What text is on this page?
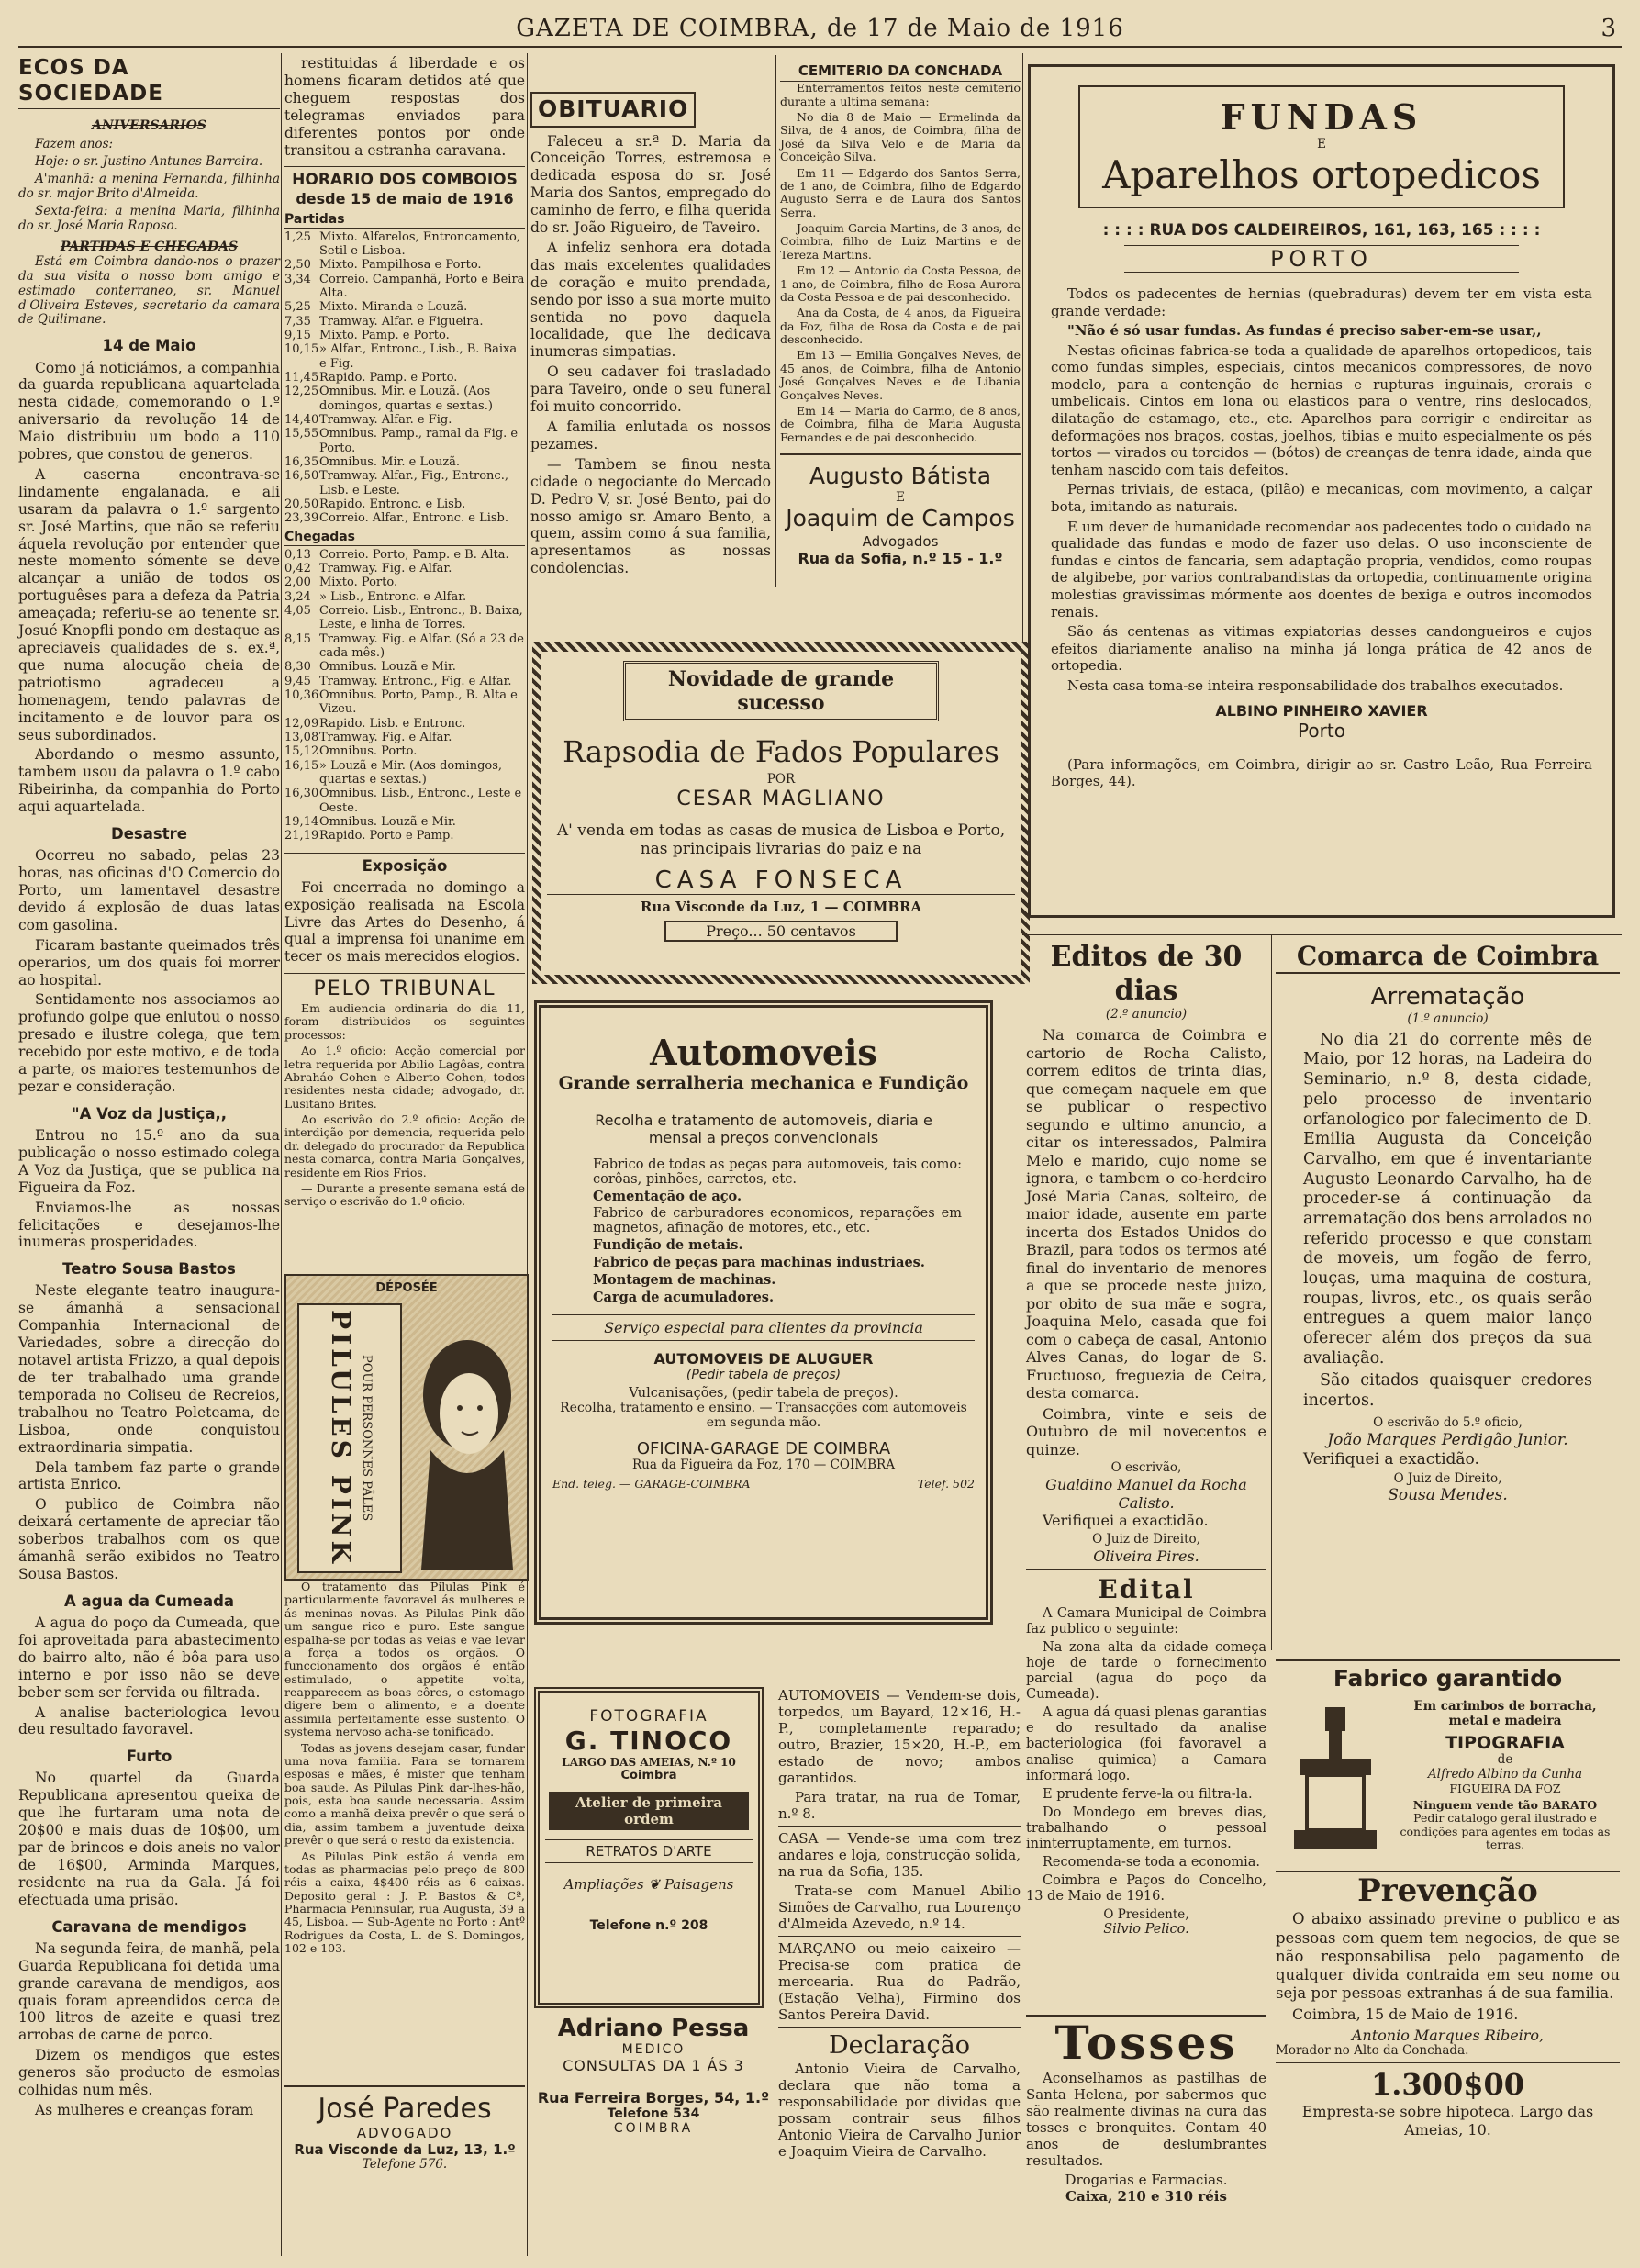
GAZETA DE COIMBRA, de 17 de Maio de 1916	3
ECOS DA SOCIEDADE
ANIVERSARIOS

Fazem anos:

Hoje: o sr. Justino Antunes Barreira.

A'manhã: a menina Fernanda, filhinha do sr. major Brito d'Almeida.

Sexta-feira: a menina Maria, filhinha do sr. José Maria Raposo.

PARTIDAS E CHEGADAS

Está em Coimbra dando-nos o prazer da sua visita o nosso bom amigo e estimado conterraneo, sr. Manuel d'Oliveira Esteves, secretario da camara de Quilimane.

14 de Maio

Como já noticiámos, a companhia da guarda republicana aquartelada nesta cidade, comemorando o 1.º aniversario da revolução 14 de Maio distribuiu um bodo a 110 pobres, que constou de generos.

A caserna encontrava-se lindamente engalanada, e ali usaram da palavra o 1.º sargento sr. José Martins, que não se referiu áquela revolução por entender que neste momento sómente se deve alcançar a união de todos os portuguêses para a defeza da Patria ameaçada; referiu-se ao tenente sr. Josué Knopfli pondo em destaque as apreciaveis qualidades de s. ex.ª, que numa alocução cheia de patriotismo agradeceu a homenagem, tendo palavras de incitamento e de louvor para os seus subordinados.

Abordando o mesmo assunto, tambem usou da palavra o 1.º cabo Ribeirinha, da companhia do Porto aqui aquartelada.

Desastre

Ocorreu no sabado, pelas 23 horas, nas oficinas d'O Comercio do Porto, um lamentavel desastre devido á explosão de duas latas com gasolina.

Ficaram bastante queimados três operarios, um dos quais foi morrer ao hospital.

Sentidamente nos associamos ao profundo golpe que enlutou o nosso presado e ilustre colega, que tem recebido por este motivo, e de toda a parte, os maiores testemunhos de pezar e consideração.

"A Voz da Justiça,,

Entrou no 15.º ano da sua publicação o nosso estimado colega A Voz da Justiça, que se publica na Figueira da Foz.

Enviamos-lhe as nossas felicitações e desejamos-lhe inumeras prosperidades.

Teatro Sousa Bastos

Neste elegante teatro inaugura-se ámanhã a sensacional Companhia Internacional de Variedades, sobre a direcção do notavel artista Frizzo, a qual depois de ter trabalhado uma grande temporada no Coliseu de Recreios, trabalhou no Teatro Poleteama, de Lisboa, onde conquistou extraordinaria simpatia.

Dela tambem faz parte o grande artista Enrico.

O publico de Coimbra não deixará certamente de apreciar tão soberbos trabalhos com os que ámanhã serão exibidos no Teatro Sousa Bastos.

A agua da Cumeada

A agua do poço da Cumeada, que foi aproveitada para abastecimento do bairro alto, não é bôa para uso interno e por isso não se deve beber sem ser fervida ou filtrada.

A analise bacteriologica levou deu resultado favoravel.

Furto

No quartel da Guarda Republicana apresentou queixa de que lhe furtaram uma nota de 20$00 e mais duas de 10$00, um par de brincos e dois aneis no valor de 16$00, Arminda Marques, residente na rua da Gala. Já foi efectuada uma prisão.

Caravana de mendigos

Na segunda feira, de manhã, pela Guarda Republicana foi detida uma grande caravana de mendigos, aos quais foram apreendidos cerca de 100 litros de azeite e quasi trez arrobas de carne de porco.

Dizem os mendigos que estes generos são producto de esmolas colhidas num mês.

As mulheres e creanças foram

restituidas á liberdade e os homens ficaram detidos até que cheguem respostas dos telegramas enviados para diferentes pontos por onde transitou a estranha caravana.

HORARIO DOS COMBOIOS
desde 15 de maio de 1916
Partidas
1,25 Mixto. Alfarelos, Entroncamento, Setil e Lisboa.
2,50 Mixto. Pampilhosa e Porto.
3,34 Correio. Campanhã, Porto e Beira Alta.
5,25 Mixto. Miranda e Louzã.
7,35 Tramway. Alfar. e Figueira.
9,15 Mixto. Pamp. e Porto.
10,15 » Alfar., Entronc., Lisb., B. Baixa e Fig.
11,45 Rapido. Pamp. e Porto.
12,25 Omnibus. Mir. e Louzã. (Aos domingos, quartas e sextas.)
14,40 Tramway. Alfar. e Fig.
15,55 Omnibus. Pamp., ramal da Fig. e Porto.
16,35 Omnibus. Mir. e Louzã.
16,50 Tramway. Alfar., Fig., Entronc., Lisb. e Leste.
20,50 Rapido. Entronc. e Lisb.
23,39 Correio. Alfar., Entronc. e Lisb.
Chegadas
0,13 Correio. Porto, Pamp. e B. Alta.
0,42 Tramway. Fig. e Alfar.
2,00 Mixto. Porto.
3,24 » Lisb., Entronc. e Alfar.
4,05 Correio. Lisb., Entronc., B. Baixa, Leste, e linha de Torres.
8,15 Tramway. Fig. e Alfar. (Só a 23 de cada mês.)
8,30 Omnibus. Louzã e Mir.
9,45 Tramway. Entronc., Fig. e Alfar.
10,36 Omnibus. Porto, Pamp., B. Alta e Vizeu.
12,09 Rapido. Lisb. e Entronc.
13,08 Tramway. Fig. e Alfar.
15,12 Omnibus. Porto.
16,15 » Louzã e Mir. (Aos domingos, quartas e sextas.)
16,30 Omnibus. Lisb., Entronc., Leste e Oeste.
19,14 Omnibus. Louzã e Mir.
21,19 Rapido. Porto e Pamp.
Exposição

Foi encerrada no domingo a exposição realisada na Escola Livre das Artes do Desenho, á qual a imprensa foi unanime em tecer os mais merecidos elogios.

PELO TRIBUNAL

Em audiencia ordinaria do dia 11, foram distribuidos os seguintes processos:

Ao 1.º oficio: Acção comercial por letra requerida por Abilio Lagôas, contra Abraháo Cohen e Alberto Cohen, todos residentes nesta cidade; advogado, dr. Lusitano Brites.

Ao escrivão do 2.º oficio: Acção de interdição por demencia, requerida pelo dr. delegado do procurador da Republica nesta comarca, contra Maria Gonçalves, residente em Rios Frios.

— Durante a presente semana está de serviço o escrivão do 1.º oficio.

DÉPOSÉE
PILULES PINK POUR PERSONNES PÂLES

O tratamento das Pilulas Pink é particularmente favoravel ás mulheres e ás meninas novas. As Pilulas Pink dão um sangue rico e puro. Este sangue espalha-se por todas as veias e vae levar a força a todos os orgãos. O funccionamento dos orgãos é então estimulado, o appetite volta, reapparecem as boas côres, o estomago digere bem o alimento, e a doente assimila perfeitamente esse sustento. O systema nervoso acha-se tonificado.

Todas as jovens desejam casar, fundar uma nova familia. Para se tornarem esposas e mães, é mister que tenham boa saude. As Pilulas Pink dar-lhes-hão, pois, esta boa saude necessaria. Assim como a manhã deixa prevêr o que será o dia, assim tambem a juventude deixa prevêr o que será o resto da existencia.

As Pilulas Pink estão á venda em todas as pharmacias pelo preço de 800 réis a caixa, 4$400 réis as 6 caixas. Deposito geral : J. P. Bastos & Cª, Pharmacia Peninsular, rua Augusta, 39 a 45, Lisboa. — Sub-Agente no Porto : Antº Rodrigues da Costa, L. de S. Domingos, 102 e 103.

José Paredes
ADVOGADO
Rua Visconde da Luz, 13, 1.º
Telefone 576.
OBITUARIO

Faleceu a sr.ª D. Maria da Conceição Torres, estremosa e dedicada esposa do sr. José Maria dos Santos, empregado do caminho de ferro, e filha querida do sr. João Rigueiro, de Taveiro.

A infeliz senhora era dotada das mais excelentes qualidades de coração e muito prendada, sendo por isso a sua morte muito sentida no povo daquela localidade, que lhe dedicava inumeras simpatias.

O seu cadaver foi trasladado para Taveiro, onde o seu funeral foi muito concorrido.

A familia enlutada os nossos pezames.

— Tambem se finou nesta cidade o negociante do Mercado D. Pedro V, sr. José Bento, pai do nosso amigo sr. Amaro Bento, a quem, assim como á sua familia, apresentamos as nossas condolencias.

CEMITERIO DA CONCHADA

Enterramentos feitos neste cemiterio durante a ultima semana:

No dia 8 de Maio — Ermelinda da Silva, de 4 anos, de Coimbra, filha de José da Silva Velo e de Maria da Conceição Silva.

Em 11 — Edgardo dos Santos Serra, de 1 ano, de Coimbra, filho de Edgardo Augusto Serra e de Laura dos Santos Serra.

Joaquim Garcia Martins, de 3 anos, de Coimbra, filho de Luiz Martins e de Tereza Martins.

Em 12 — Antonio da Costa Pessoa, de 1 ano, de Coimbra, filho de Rosa Aurora da Costa Pessoa e de pai desconhecido.

Ana da Costa, de 4 anos, da Figueira da Foz, filha de Rosa da Costa e de pai desconhecido.

Em 13 — Emilia Gonçalves Neves, de 45 anos, de Coimbra, filha de Antonio José Gonçalves Neves e de Libania Gonçalves Neves.

Em 14 — Maria do Carmo, de 8 anos, de Coimbra, filha de Maria Augusta Fernandes e de pai desconhecido.

Augusto Bátista
E
Joaquim de Campos
Advogados
Rua da Sofia, n.º 15 - 1.º
Novidade de grande sucesso
Rapsodia de Fados Populares
POR
CESAR MAGLIANO
A' venda em todas as casas de musica de Lisboa e Porto, nas principais livrarias do paiz e na
CASA FONSECA
Rua Visconde da Luz, 1 — COIMBRA
Preço... 50 centavos
Automoveis
Grande serralheria mechanica e Fundição
Recolha e tratamento de automoveis, diaria e mensal a preços convencionais

Fabrico de todas as peças para automoveis, tais como: corôas, pinhões, carretos, etc.

Cementação de aço.

Fabrico de carburadores economicos, reparações em magnetos, afinação de motores, etc., etc.

Fundição de metais.

Fabrico de peças para machinas industriaes.

Montagem de machinas.

Carga de acumuladores.

Serviço especial para clientes da provincia
AUTOMOVEIS DE ALUGUER
(Pedir tabela de preços)
Vulcanisações, (pedir tabela de preços).
Recolha, tratamento e ensino. — Transacções com automoveis em segunda mão.
OFICINA-GARAGE DE COIMBRA
Rua da Figueira da Foz, 170 — COIMBRA
End. teleg. — GARAGE-COIMBRA	Telef. 502
FOTOGRAFIA
G. TINOCO
LARGO DAS AMEIAS, N.º 10
Coimbra
Atelier de primeira ordem
RETRATOS D'ARTE
Ampliações ❦ Paisagens
Telefone n.º 208
Adriano Pessa
MEDICO
CONSULTAS DA 1 ÁS 3
Rua Ferreira Borges, 54, 1.º
Telefone 534
COIMBRA

AUTOMOVEIS — Vendem-se dois, torpedos, um Bayard, 12×16, H.-P., completamente reparado; outro, Brazier, 15×20, H.-P., em estado de novo; ambos garantidos.

Para tratar, na rua de Tomar, n.º 8.

CASA — Vende-se uma com trez andares e loja, construcção solida, na rua da Sofia, 135.

Trata-se com Manuel Abilio Simões de Carvalho, rua Lourenço d'Almeida Azevedo, n.º 14.

MARÇANO ou meio caixeiro — Precisa-se com pratica de mercearia. Rua do Padrão, (Estação Velha), Firmino dos Santos Pereira David.

Declaração

Antonio Vieira de Carvalho, declara que não toma a responsabilidade por dividas que possam contrair seus filhos Antonio Vieira de Carvalho Junior e Joaquim Vieira de Carvalho.

FUNDAS
E
Aparelhos ortopedicos
: : : : RUA DOS CALDEIREIROS, 161, 163, 165 : : : :
PORTO

Todos os padecentes de hernias (quebraduras) devem ter em vista esta grande verdade:

"Não é só usar fundas. As fundas é preciso saber-em-se usar,,

Nestas oficinas fabrica-se toda a qualidade de aparelhos ortopedicos, tais como fundas simples, especiais, cintos mecanicos compressores, de novo modelo, para a contenção de hernias e rupturas inguinais, crorais e umbelicais. Cintos em lona ou elasticos para o ventre, rins deslocados, dilatação de estamago, etc., etc. Aparelhos para corrigir e endireitar as deformações nos braços, costas, joelhos, tibias e muito especialmente os pés tortos — virados ou torcidos — (bótos) de creanças de tenra idade, ainda que tenham nascido com tais defeitos.

Pernas triviais, de estaca, (pilão) e mecanicas, com movimento, a calçar bota, imitando as naturais.

E um dever de humanidade recomendar aos padecentes todo o cuidado na qualidade das fundas e modo de fazer uso delas. O uso inconsciente de fundas e cintos de fancaria, sem adaptação propria, vendidos, como roupas de algibebe, por varios contrabandistas da ortopedia, continuamente origina molestias gravissimas mórmente aos doentes de bexiga e outros incomodos renais.

São ás centenas as vitimas expiatorias desses candongueiros e cujos efeitos diariamente analiso na minha já longa prática de 42 anos de ortopedia.

Nesta casa toma-se inteira responsabilidade dos trabalhos executados.

ALBINO PINHEIRO XAVIER
Porto

(Para informações, em Coimbra, dirigir ao sr. Castro Leão, Rua Ferreira Borges, 44).

Editos de 30 dias
(2.º anuncio)

Na comarca de Coimbra e cartorio de Rocha Calisto, correm editos de trinta dias, que começam naquele em que se publicar o respectivo segundo e ultimo anuncio, a citar os interessados, Palmira Melo e marido, cujo nome se ignora, e tambem o co-herdeiro José Maria Canas, solteiro, de maior idade, ausente em parte incerta dos Estados Unidos do Brazil, para todos os termos até final do inventario de menores a que se procede neste juizo, por obito de sua mãe e sogra, Joaquina Melo, casada que foi com o cabeça de casal, Antonio Alves Canas, do logar de S. Fructuoso, freguezia de Ceira, desta comarca.

Coimbra, vinte e seis de Outubro de mil novecentos e quinze.

O escrivão,
Gualdino Manuel da Rocha Calisto.

Verifiquei a exactidão.

O Juiz de Direito,
Oliveira Pires.
Edital

A Camara Municipal de Coimbra faz publico o seguinte:

Na zona alta da cidade começa hoje de tarde o fornecimento parcial (agua do poço da Cumeada).

A agua dá quasi plenas garantias e do resultado da analise bacteriologica (foi favoravel a analise quimica) a Camara informará logo.

E prudente ferve-la ou filtra-la.

Do Mondego em breves dias, trabalhando o pessoal ininterruptamente, em turnos.

Recomenda-se toda a economia.

Coimbra e Paços do Concelho, 13 de Maio de 1916.

O Presidente,
Silvio Pelico.
Tosses

Aconselhamos as pastilhas de Santa Helena, por sabermos que são realmente divinas na cura das tosses e bronquites. Contam 40 anos de deslumbrantes resultados.

Drogarias e Farmacias.
Caixa, 210 e 310 réis
Comarca de Coimbra
Arrematação
(1.º anuncio)

No dia 21 do corrente mês de Maio, por 12 horas, na Ladeira do Seminario, n.º 8, desta cidade, pelo processo de inventario orfanologico por falecimento de D. Emilia Augusta da Conceição Carvalho, em que é inventariante Augusto Leonardo Carvalho, ha de proceder-se á continuação da arrematação dos bens arrolados no referido processo e que constam de moveis, um fogão de ferro, louças, uma maquina de costura, roupas, livros, etc., os quais serão entregues a quem maior lanço oferecer além dos preços da sua avaliação.

São citados quaisquer credores incertos.

O escrivão do 5.º oficio,
João Marques Perdigão Junior.

Verifiquei a exactidão.

O Juiz de Direito,
Sousa Mendes.
Fabrico garantido
Em carimbos de borracha, metal e madeira
TIPOGRAFIA
de
Alfredo Albino da Cunha
FIGUEIRA DA FOZ
Ninguem vende tão BARATO
Pedir catalogo geral ilustrado e condições para agentes em todas as terras.
Prevenção

O abaixo assinado previne o publico e as pessoas com quem tem negocios, de que se não responsabilisa pelo pagamento de qualquer divida contraida em seu nome ou seja por pessoas extranhas á de sua familia.

Coimbra, 15 de Maio de 1916.

Antonio Marques Ribeiro,
Morador no Alto da Conchada.
1.300$00
Empresta-se sobre hipoteca. Largo das Ameias, 10.
